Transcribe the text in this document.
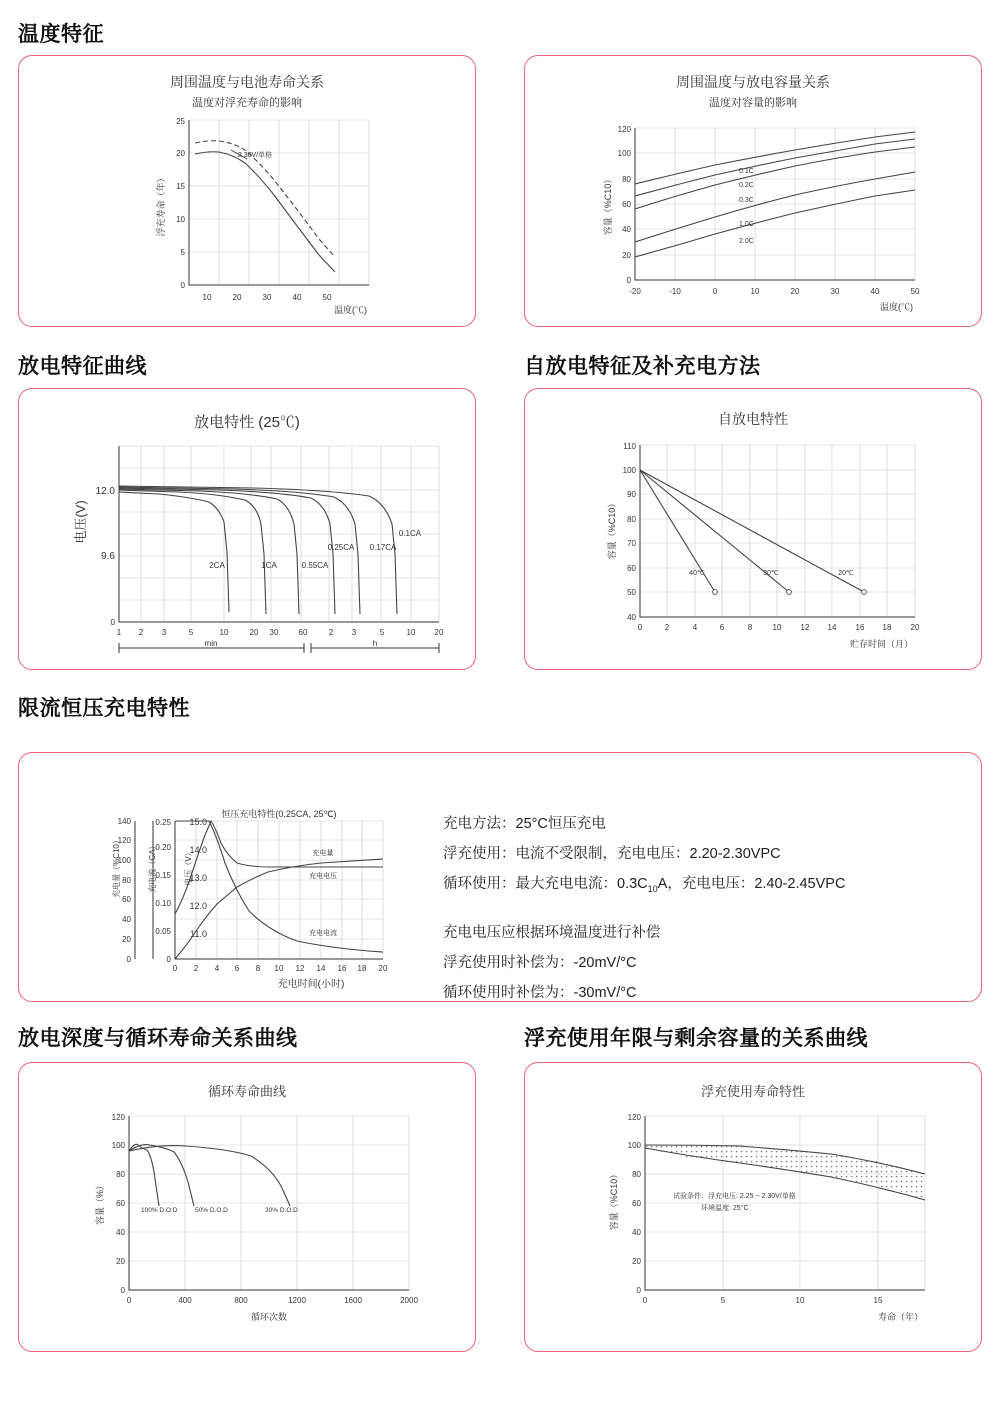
温度特征
周围温度与电池寿命关系
温度对浮充寿命的影响
0
5
10
15
20
25
10	20	30	40	50
浮充寿命（年）
温度(℃)
2.30V/单格
周围温度与放电容量关系
温度对容量的影响
0
20
40
60
80
100
120
-20	-10	0	10	20	30	40	50
容量（%C10）
温度(℃)
0.1C
0.2C
0.3C
1.0C
2.0C
放电特征曲线	自放电特征及补充电方法
放电特性 (25℃)
0
9.6
12.0
1 2 3	5	10	20 30	60	2 3	5	10 20
电压(V)
min	h
2CA	1CA	0.55CA
0.25CA 0.17CA
0.1CA
自放电特性
40
50
60
70
80
90
100
110
0	2	4	6	8	10 12 14 16 18 20
容量（%C10）
贮存时间（月）
40℃	30℃	20℃
限流恒压充电特性
恒压充电特性(0.25CA, 25℃)
0
20
40
60
80
100
120
140
0
0.05
0.10
0.15
0.20
0.25
11.0
12.0
13.0
14.0
15.0
0 2 4 6 8 10 12 14 16 18 20
充电时间(小时)
充电量（%C10）	充电流（CA）	电压（V）	充电量
充电电压
充电电流
充电方法：25°C恒压充电
浮充使用：电流不受限制，充电电压：2.20-2.30VPC
循环使用：最大充电电流：$0.3C_{10}A$，充电电压：2.40-2.45VPC
充电电压应根据环境温度进行补偿
浮充使用时补偿为：-20mV/°C
循环使用时补偿为：-30mV/°C
放电深度与循环寿命关系曲线	浮充使用年限与剩余容量的关系曲线
循环寿命曲线
0
20
40
60
80
100
120
0	400	800	1200	1600	2000
容量（%）
循环次数
100% D.O.D	50% D.O.D	30% D.O.D
浮充使用寿命特性
0
20
40
60
80
100
120
0	5	10	15
容量（%C10）
寿命（年）
试验条件：浮充电压: 2.25 ~ 2.30V/单格
环境温度: 25°C
